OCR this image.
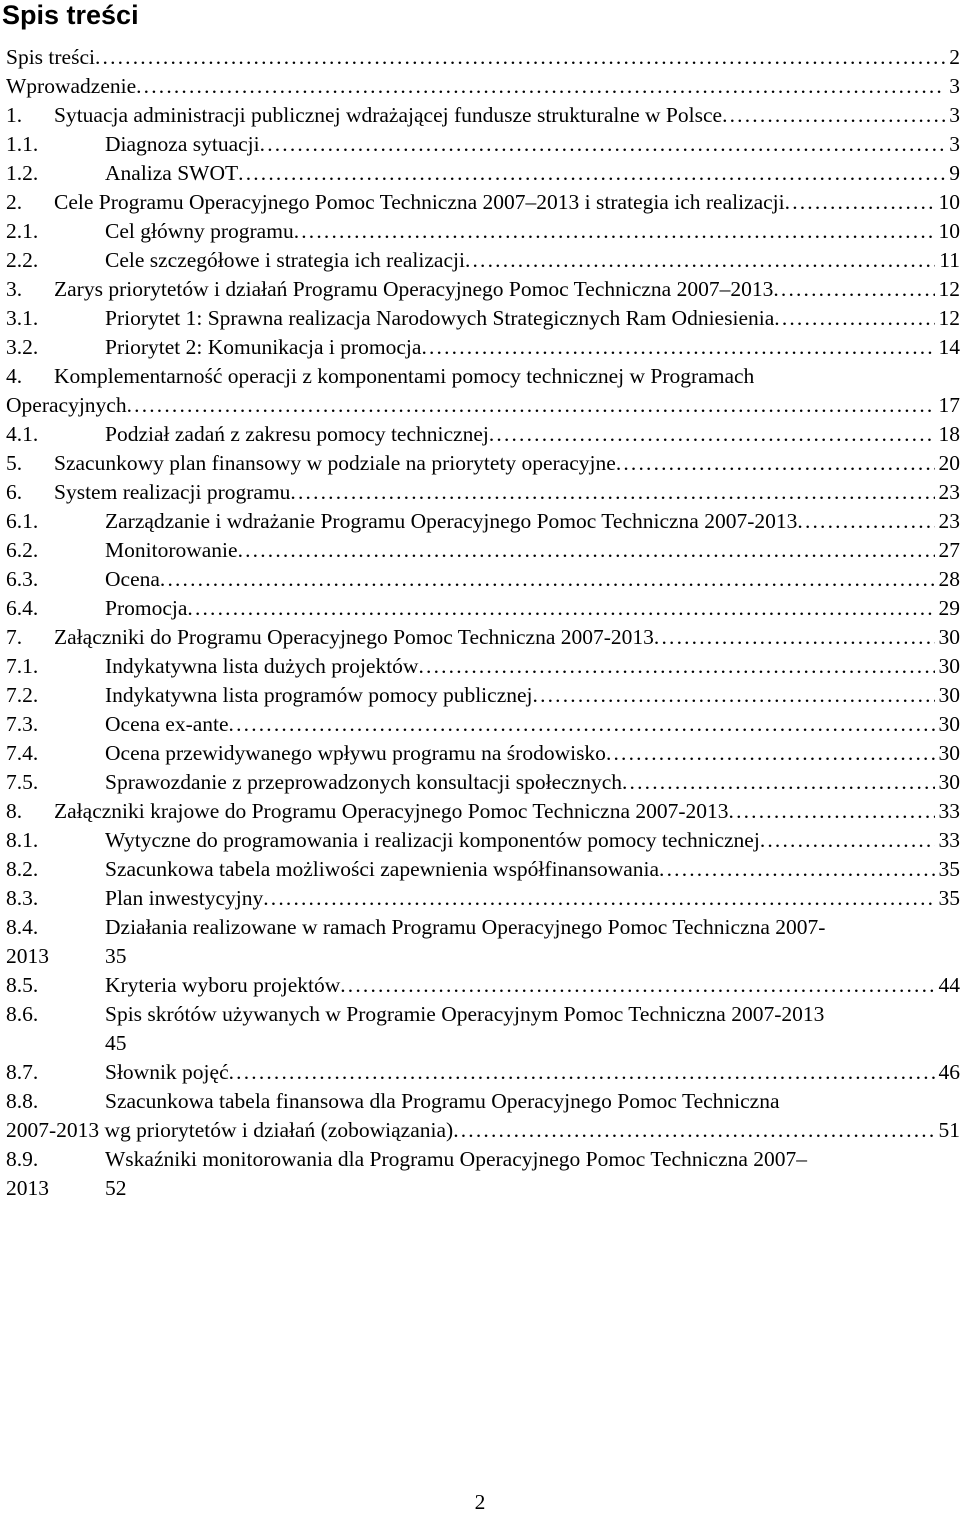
Spis treści
Spis treści . . .	2
Wprowadzenie . . .	3
1.	Sytuacja administracji publicznej wdrażającej fundusze strukturalne w Polsce . . .	3
1.1.	Diagnoza sytuacji . . .	3
1.2.	Analiza SWOT . . .	9
2.	Cele Programu Operacyjnego Pomoc Techniczna 2007–2013 i strategia ich realizacji . . .	10
2.1.	Cel główny programu . . .	10
2.2.	Cele szczegółowe i strategia ich realizacji . . .	11
3.	Zarys priorytetów i działań Programu Operacyjnego Pomoc Techniczna 2007–2013 . . .	12
3.1.	Priorytet 1: Sprawna realizacja Narodowych Strategicznych Ram Odniesienia . . .	12
3.2.	Priorytet 2: Komunikacja i promocja . . .	14
4.	Komplementarność operacji z komponentami pomocy technicznej w Programach
Operacyjnych . . .	17
4.1.	Podział zadań z zakresu pomocy technicznej . . .	18
5.	Szacunkowy plan finansowy w podziale na priorytety operacyjne . . .	20
6.	System realizacji programu . . .	23
6.1.	Zarządzanie i wdrażanie Programu Operacyjnego Pomoc Techniczna 2007-2013 . . .	23
6.2.	Monitorowanie . . .	27
6.3.	Ocena . . .	28
6.4.	Promocja . . .	29
7.	Załączniki do Programu Operacyjnego Pomoc Techniczna 2007-2013 . . .	30
7.1.	Indykatywna lista dużych projektów . . .	30
7.2.	Indykatywna lista programów pomocy publicznej . . .	30
7.3.	Ocena ex-ante . . .	30
7.4.	Ocena przewidywanego wpływu programu na środowisko . . .	30
7.5.	Sprawozdanie z przeprowadzonych konsultacji społecznych . . .	30
8.	Załączniki krajowe do Programu Operacyjnego Pomoc Techniczna 2007-2013 . . .	33
8.1.	Wytyczne do programowania i realizacji komponentów pomocy technicznej . . .	33
8.2.	Szacunkowa tabela możliwości zapewnienia współfinansowania . . .	35
8.3.	Plan inwestycyjny . . .	35
8.4.	Działania realizowane w ramach Programu Operacyjnego Pomoc Techniczna 2007-
2013	35
8.5.	Kryteria wyboru projektów . . .	44
8.6.	Spis skrótów używanych w Programie Operacyjnym Pomoc Techniczna 2007-2013
45
8.7.	Słownik pojęć . . .	46
8.8.	Szacunkowa tabela finansowa dla Programu Operacyjnego Pomoc Techniczna
2007-2013 wg priorytetów i działań (zobowiązania) . . .	51
8.9.	Wskaźniki monitorowania dla Programu Operacyjnego Pomoc Techniczna 2007–
2013	52
2
